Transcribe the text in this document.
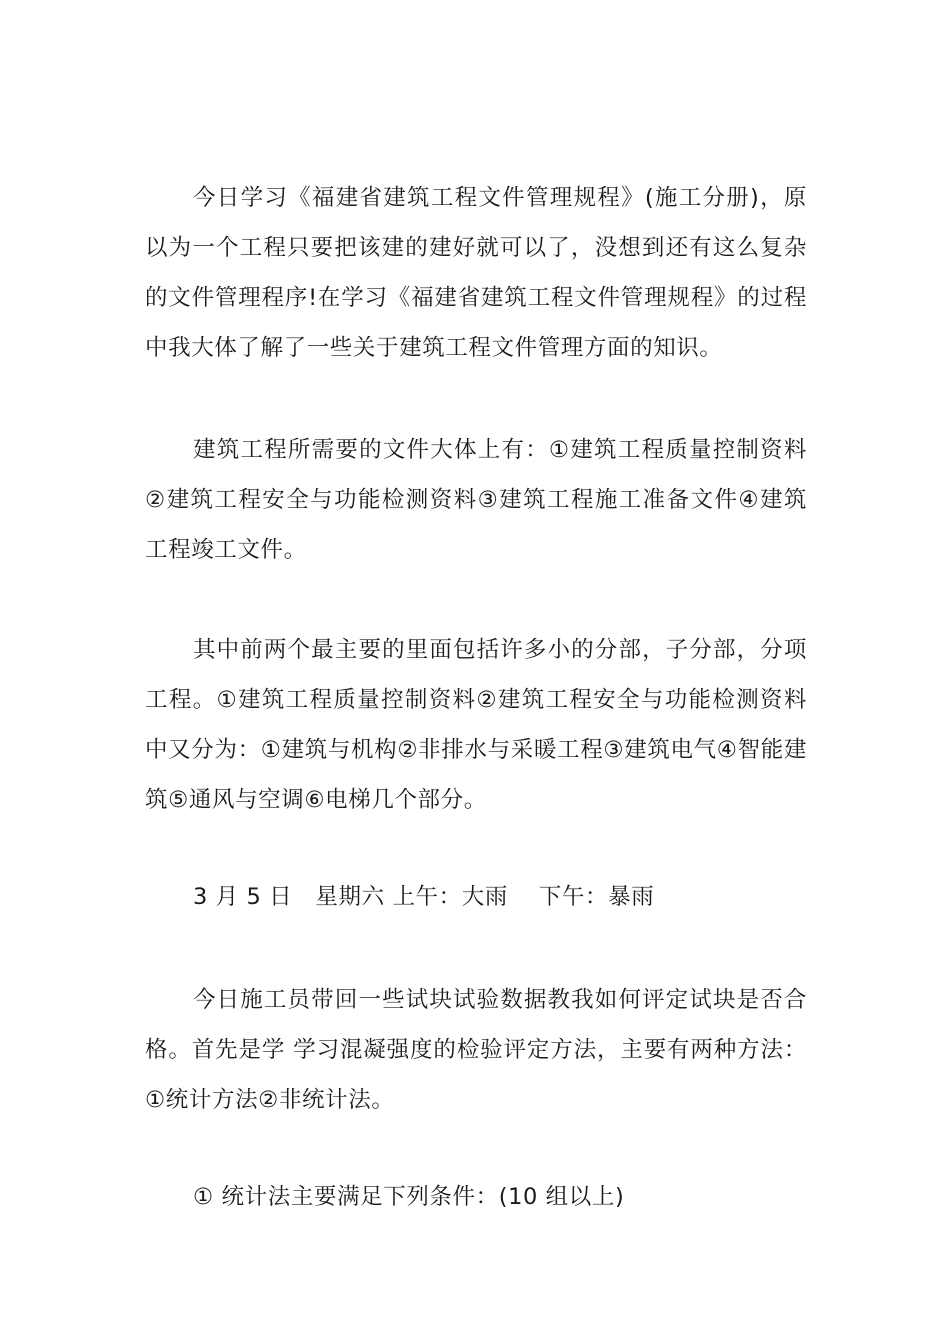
今日学习《福建省建筑工程文件管理规程》(施工分册)，原以为一个工程只要把该建的建好就可以了，没想到还有这么复杂的文件管理程序!在学习《福建省建筑工程文件管理规程》的过程中我大体了解了一些关于建筑工程文件管理方面的知识。

建筑工程所需要的文件大体上有：①建筑工程质量控制资料②建筑工程安全与功能检测资料③建筑工程施工准备文件④建筑工程竣工文件。

其中前两个最主要的里面包括许多小的分部，子分部，分项工程。①建筑工程质量控制资料②建筑工程安全与功能检测资料中又分为：①建筑与机构②非排水与采暖工程③建筑电气④智能建筑⑤通风与空调⑥电梯几个部分。

3 月 5 日　星期六 上午：大雨　 下午：暴雨

今日施工员带回一些试块试验数据教我如何评定试块是否合格。首先是学 学习混凝强度的检验评定方法，主要有两种方法：①统计方法②非统计法。

① 统计法主要满足下列条件：(10 组以上)
